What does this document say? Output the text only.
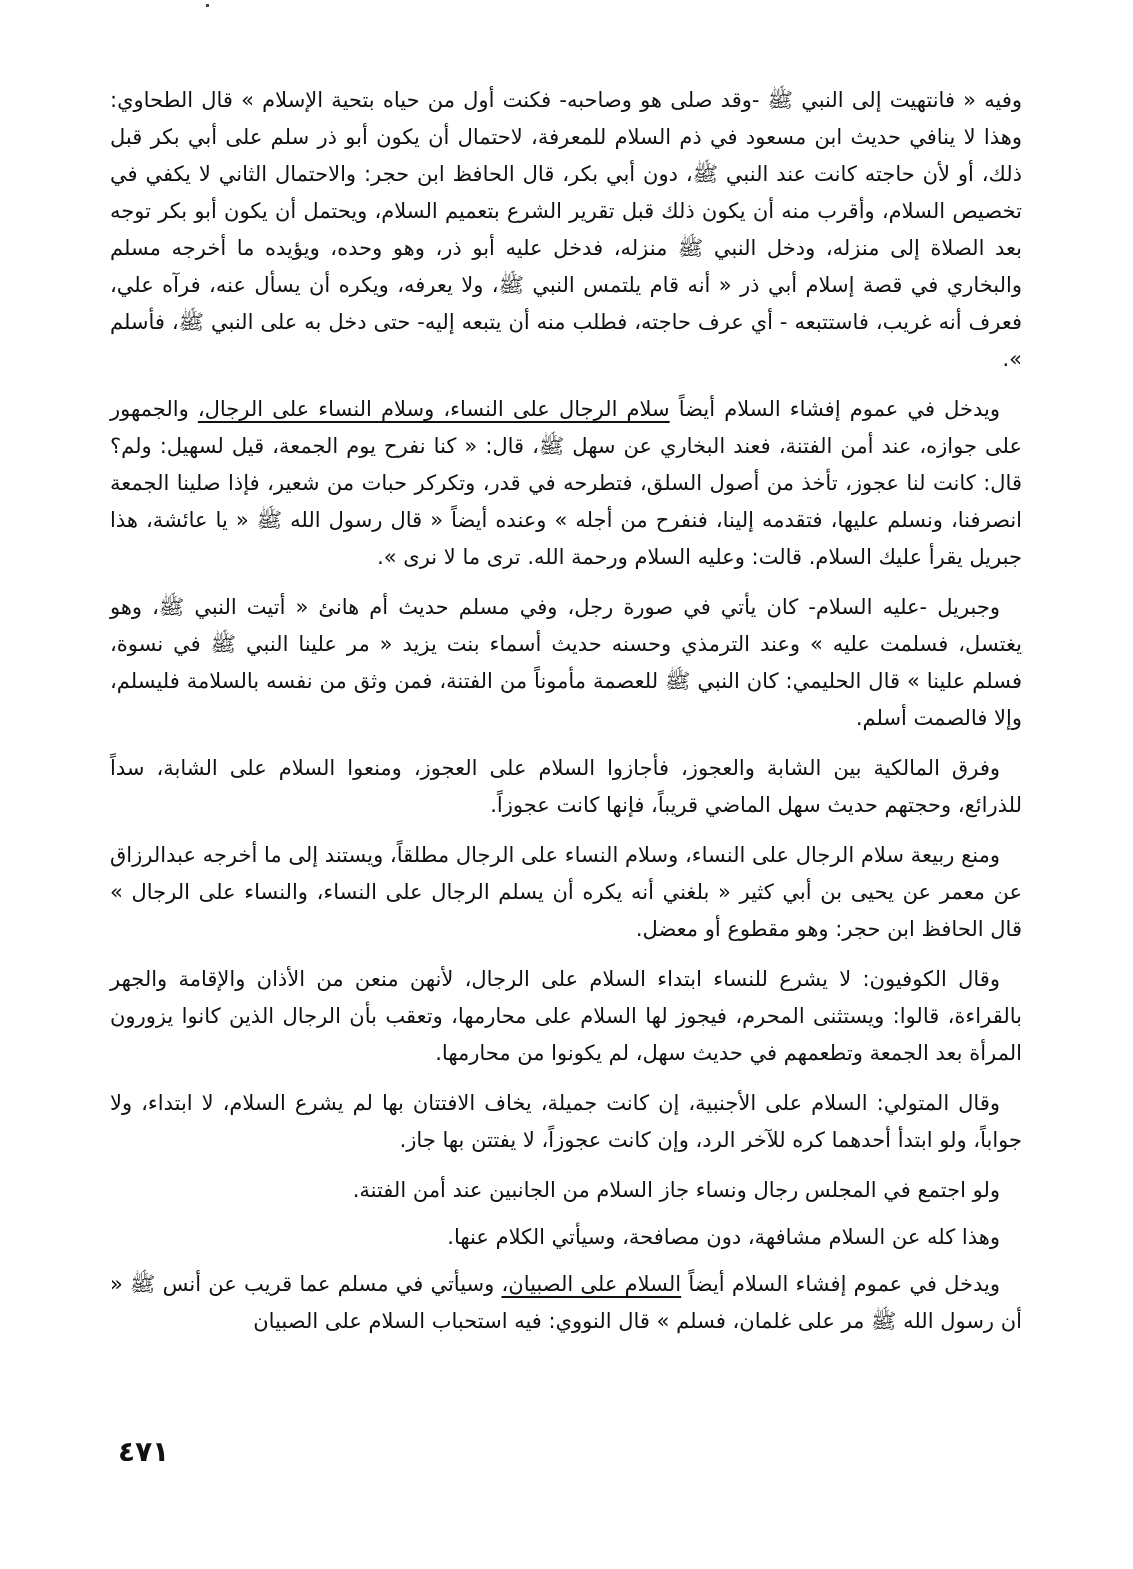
وفيه « فانتهيت إلى النبي ﷺ -وقد صلى هو وصاحبه- فكنت أول من حياه بتحية الإسلام » قال الطحاوي: وهذا لا ينافي حديث ابن مسعود في ذم السلام للمعرفة، لاحتمال أن يكون أبو ذر سلم على أبي بكر قبل ذلك، أو لأن حاجته كانت عند النبي ﷺ، دون أبي بكر، قال الحافظ ابن حجر: والاحتمال الثاني لا يكفي في تخصيص السلام، وأقرب منه أن يكون ذلك قبل تقرير الشرع بتعميم السلام، ويحتمل أن يكون أبو بكر توجه بعد الصلاة إلى منزله، ودخل النبي ﷺ منزله، فدخل عليه أبو ذر، وهو وحده، ويؤيده ما أخرجه مسلم والبخاري في قصة إسلام أبي ذر « أنه قام يلتمس النبي ﷺ، ولا يعرفه، ويكره أن يسأل عنه، فرآه علي، فعرف أنه غريب، فاستتبعه - أي عرف حاجته، فطلب منه أن يتبعه إليه- حتى دخل به على النبي ﷺ، فأسلم ».

ويدخل في عموم إفشاء السلام أيضاً سلام الرجال على النساء، وسلام النساء على الرجال، والجمهور على جوازه، عند أمن الفتنة، فعند البخاري عن سهل ﷺ، قال: « كنا نفرح يوم الجمعة، قيل لسهيل: ولم؟ قال: كانت لنا عجوز، تأخذ من أصول السلق، فتطرحه في قدر، وتكركر حبات من شعير، فإذا صلينا الجمعة انصرفنا، ونسلم عليها، فتقدمه إلينا، فنفرح من أجله » وعنده أيضاً « قال رسول الله ﷺ « يا عائشة، هذا جبريل يقرأ عليك السلام. قالت: وعليه السلام ورحمة الله. ترى ما لا نرى ».

وجبريل -عليه السلام- كان يأتي في صورة رجل، وفي مسلم حديث أم هانئ « أتيت النبي ﷺ، وهو يغتسل، فسلمت عليه » وعند الترمذي وحسنه حديث أسماء بنت يزيد « مر علينا النبي ﷺ في نسوة، فسلم علينا » قال الحليمي: كان النبي ﷺ للعصمة مأموناً من الفتنة، فمن وثق من نفسه بالسلامة فليسلم، وإلا فالصمت أسلم.

وفرق المالكية بين الشابة والعجوز، فأجازوا السلام على العجوز، ومنعوا السلام على الشابة، سداً للذرائع، وحجتهم حديث سهل الماضي قريباً، فإنها كانت عجوزاً.

ومنع ربيعة سلام الرجال على النساء، وسلام النساء على الرجال مطلقاً، ويستند إلى ما أخرجه عبدالرزاق عن معمر عن يحيى بن أبي كثير « بلغني أنه يكره أن يسلم الرجال على النساء، والنساء على الرجال » قال الحافظ ابن حجر: وهو مقطوع أو معضل.

وقال الكوفيون: لا يشرع للنساء ابتداء السلام على الرجال، لأنهن منعن من الأذان والإقامة والجهر بالقراءة، قالوا: ويستثنى المحرم، فيجوز لها السلام على محارمها، وتعقب بأن الرجال الذين كانوا يزورون المرأة بعد الجمعة وتطعمهم في حديث سهل، لم يكونوا من محارمها.

وقال المتولي: السلام على الأجنبية، إن كانت جميلة، يخاف الافتتان بها لم يشرع السلام، لا ابتداء، ولا جواباً، ولو ابتدأ أحدهما كره للآخر الرد، وإن كانت عجوزاً، لا يفتتن بها جاز.

ولو اجتمع في المجلس رجال ونساء جاز السلام من الجانبين عند أمن الفتنة.

وهذا كله عن السلام مشافهة، دون مصافحة، وسيأتي الكلام عنها.

ويدخل في عموم إفشاء السلام أيضاً السلام على الصبيان، وسيأتي في مسلم عما قريب عن أنس ﷺ « أن رسول الله ﷺ مر على غلمان، فسلم » قال النووي: فيه استحباب السلام على الصبيان

٤٧١
